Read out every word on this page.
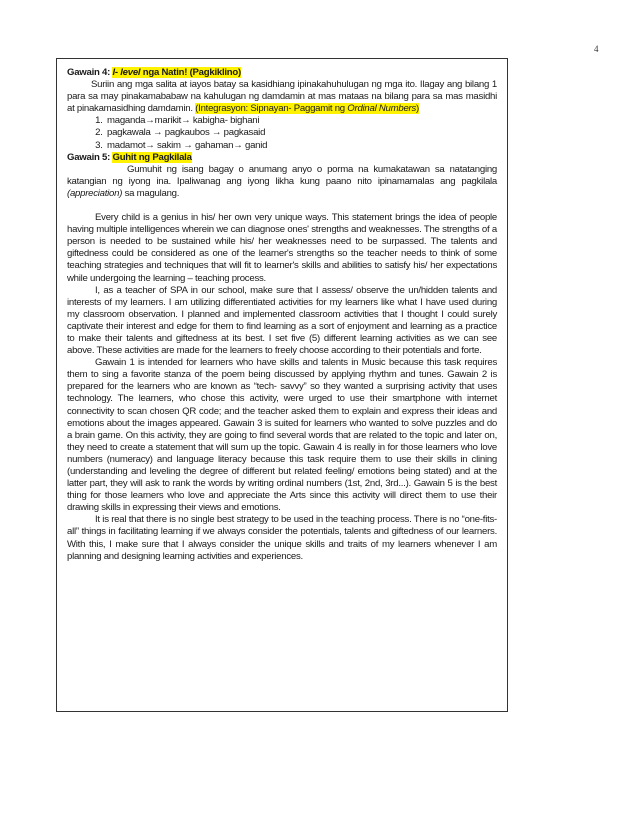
4

Gawain 4: I- level nga Natin! (Pagkiklino)

Suriin ang mga salita at iayos batay sa kasidhiang ipinakahuhulugan ng mga ito. Ilagay ang bilang 1 para sa may pinakamababaw na kahulugan ng damdamin at mas mataas na bilang para sa mas masidhi at pinakamasidhing damdamin. (Integrasyon: Sipnayan- Paggamit ng Ordinal Numbers)

1. maganda→marikit→ kabigha- bighani
2. pagkawala → pagkaubos → pagkasaid
3. madamot→ sakim → gahaman→ ganid

Gawain 5: Guhit ng Pagkilala

Gumuhit ng isang bagay o anumang anyo o porma na kumakatawan sa natatanging katangian ng iyong ina. Ipaliwanag ang iyong likha kung paano nito ipinamamalas ang pagkilala (appreciation) sa magulang.

Every child is a genius in his/ her own very unique ways. This statement brings the idea of people having multiple intelligences wherein we can diagnose ones' strengths and weaknesses. The strengths of a person is needed to be sustained while his/ her weaknesses need to be surpassed. The talents and giftedness could be considered as one of the learner's strengths so the teacher needs to think of some teaching strategies and techniques that will fit to learner's skills and abilities to satisfy his/ her expectations while undergoing the learning – teaching process.

I, as a teacher of SPA in our school, make sure that I assess/ observe the un/hidden talents and interests of my learners. I am utilizing differentiated activities for my learners like what I have used during my classroom observation. I planned and implemented classroom activities that I thought I could surely captivate their interest and edge for them to find learning as a sort of enjoyment and learning as a practice to make their talents and giftedness at its best. I set five (5) different learning activities as we can see above. These activities are made for the learners to freely choose according to their potentials and forte.

Gawain 1 is intended for learners who have skills and talents in Music because this task requires them to sing a favorite stanza of the poem being discussed by applying rhythm and tunes. Gawain 2 is prepared for the learners who are known as “tech- savvy” so they wanted a surprising activity that uses technology. The learners, who chose this activity, were urged to use their smartphone with internet connectivity to scan chosen QR code; and the teacher asked them to explain and express their ideas and emotions about the images appeared. Gawain 3 is suited for learners who wanted to solve puzzles and do a brain game. On this activity, they are going to find several words that are related to the topic and later on, they need to create a statement that will sum up the topic. Gawain 4 is really in for those learners who love numbers (numeracy) and language literacy because this task require them to use their skills in clining (understanding and leveling the degree of different but related feeling/ emotions being stated) and at the latter part, they will ask to rank the words by writing ordinal numbers (1st, 2nd, 3rd...). Gawain 5 is the best thing for those learners who love and appreciate the Arts since this activity will direct them to use their drawing skills in expressing their views and emotions.

It is real that there is no single best strategy to be used in the teaching process. There is no “one-fits-all” things in facilitating learning if we always consider the potentials, talents and giftedness of our learners. With this, I make sure that I always consider the unique skills and traits of my learners whenever I am planning and designing learning activities and experiences.
